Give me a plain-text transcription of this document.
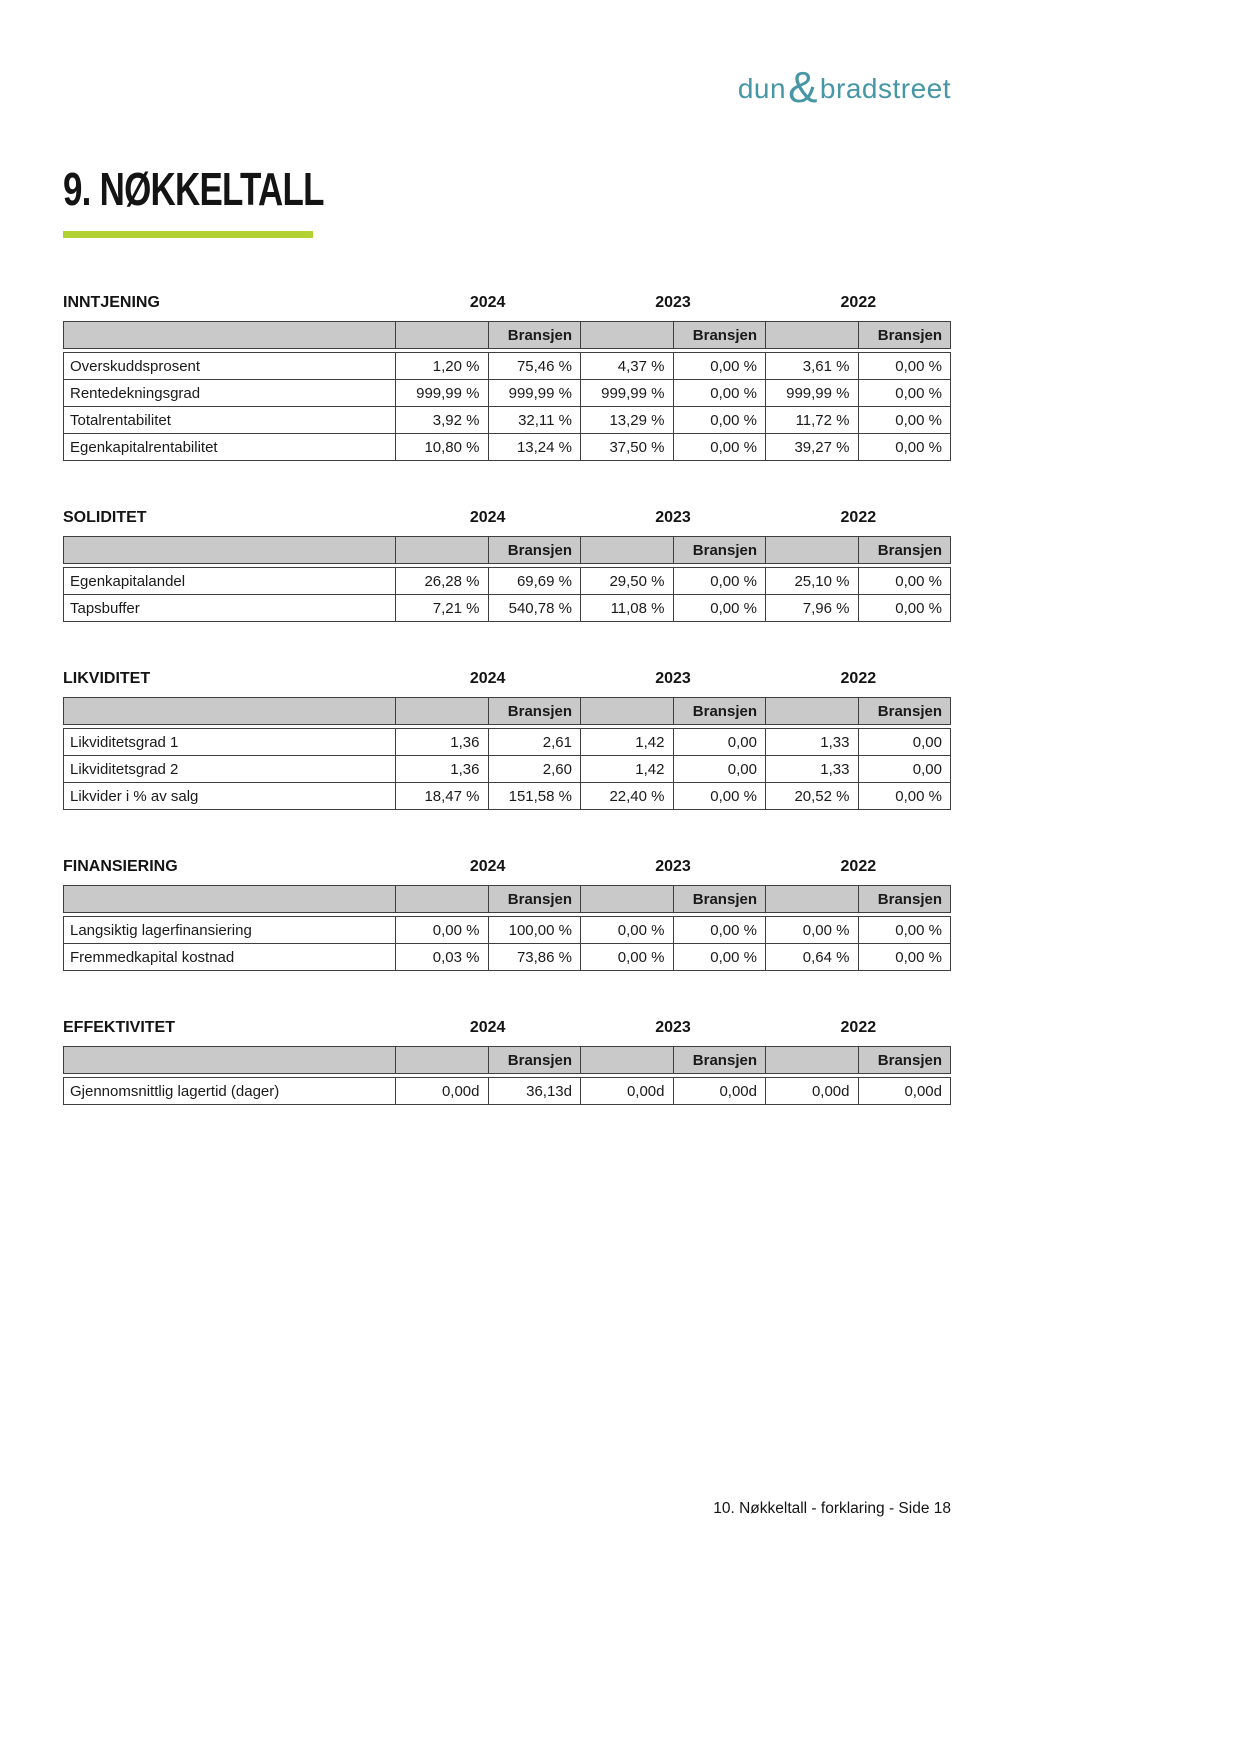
dun & bradstreet
9. NØKKELTALL
INNTJENING	2024	2023	2022
		Bransjen		Bransjen		Bransjen
Overskuddsprosent	1,20 %	75,46 %	4,37 %	0,00 %	3,61 %	0,00 %
Rentedekningsgrad	999,99 %	999,99 %	999,99 %	0,00 %	999,99 %	0,00 %
Totalrentabilitet	3,92 %	32,11 %	13,29 %	0,00 %	11,72 %	0,00 %
Egenkapitalrentabilitet	10,80 %	13,24 %	37,50 %	0,00 %	39,27 %	0,00 %
SOLIDITET	2024	2023	2022
		Bransjen		Bransjen		Bransjen
Egenkapitalandel	26,28 %	69,69 %	29,50 %	0,00 %	25,10 %	0,00 %
Tapsbuffer	7,21 %	540,78 %	11,08 %	0,00 %	7,96 %	0,00 %
LIKVIDITET	2024	2023	2022
		Bransjen		Bransjen		Bransjen
Likviditetsgrad 1	1,36	2,61	1,42	0,00	1,33	0,00
Likviditetsgrad 2	1,36	2,60	1,42	0,00	1,33	0,00
Likvider i % av salg	18,47 %	151,58 %	22,40 %	0,00 %	20,52 %	0,00 %
FINANSIERING	2024	2023	2022
		Bransjen		Bransjen		Bransjen
Langsiktig lagerfinansiering	0,00 %	100,00 %	0,00 %	0,00 %	0,00 %	0,00 %
Fremmedkapital kostnad	0,03 %	73,86 %	0,00 %	0,00 %	0,64 %	0,00 %
EFFEKTIVITET	2024	2023	2022
		Bransjen		Bransjen		Bransjen
Gjennomsnittlig lagertid (dager)	0,00d	36,13d	0,00d	0,00d	0,00d	0,00d
10. Nøkkeltall - forklaring - Side 18
